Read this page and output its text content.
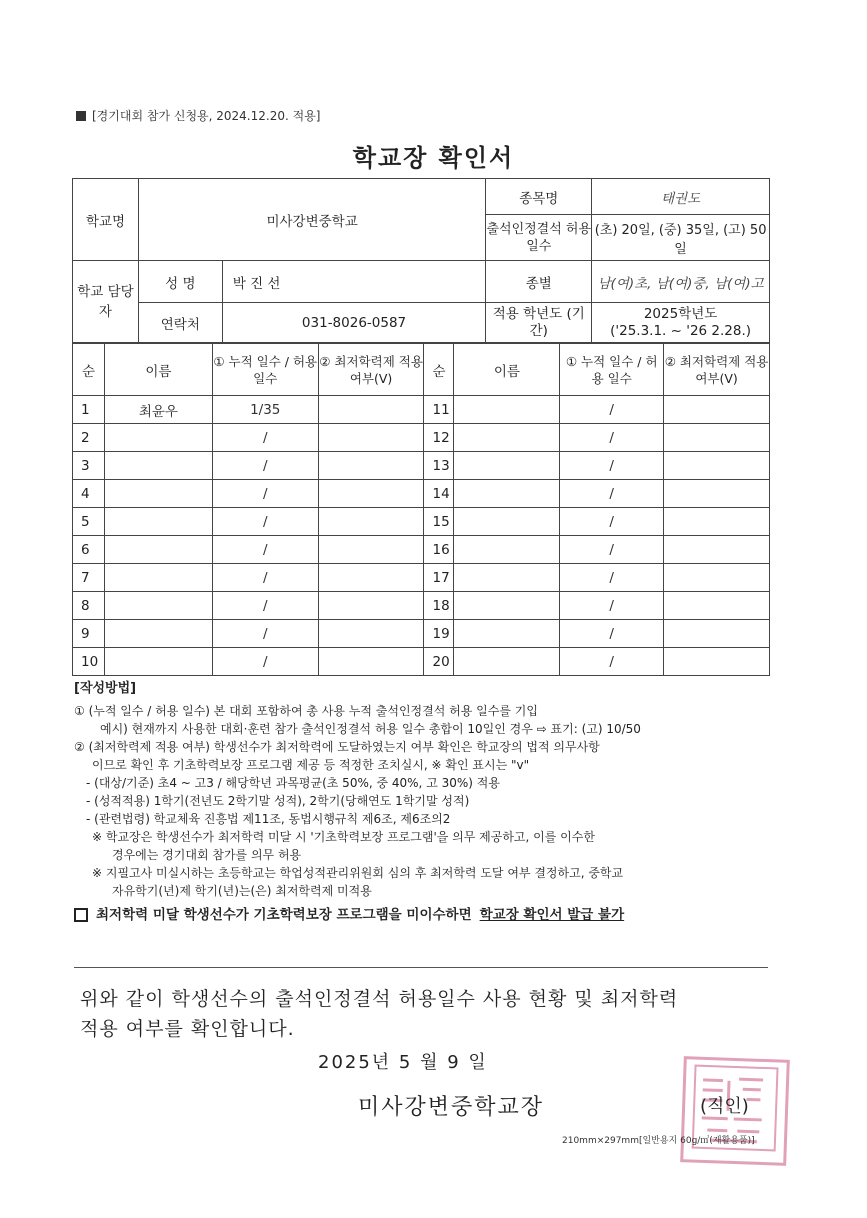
[경기대회 참가 신청용, 2024.12.20. 적용]
학교장 확인서
학교명	미사강변중학교		종목명	태권도
			출석인정결석 허용 일수	(초) 20일, (중) 35일, (고) 50일
학교 담당자	성 명	박 진 선	종별	남(여)초, 남(여)중, 남(여)고
	연락처	031-8026-0587	적용 학년도 (기간)	2025학년도
('25.3.1. ~ '26 2.28.)
순	이름	① 누적 일수 / 허용 일수	② 최저학력제 적용 여부(V)	순	이름	① 누적 일수 / 허용 일수	② 최저학력제 적용 여부(V)
1	최윤우	1/35		11		/	
2		/		12		/	
3		/		13		/	
4		/		14		/	
5		/		15		/	
6		/		16		/	
7		/		17		/	
8		/		18		/	
9		/		19		/	
10		/		20		/	
[작성방법]

① (누적 일수 / 허용 일수) 본 대회 포함하여 총 사용 누적 출석인정결석 허용 일수를 기입

예시) 현재까지 사용한 대회·훈련 참가 출석인정결석 허용 일수 총합이 10일인 경우 ⇨ 표기: (고) 10/50

② (최저학력제 적용 여부) 학생선수가 최저학력에 도달하였는지 여부 확인은 학교장의 법적 의무사항

이므로 확인 후 기초학력보장 프로그램 제공 등 적정한 조치실시, ※ 확인 표시는 "v"

- (대상/기준) 초4 ~ 고3 / 해당학년 과목평균(초 50%, 중 40%, 고 30%) 적용

- (성적적용) 1학기(전년도 2학기말 성적), 2학기(당해연도 1학기말 성적)

- (관련법령) 학교체육 진흥법 제11조, 동법시행규칙 제6조, 제6조의2

※ 학교장은 학생선수가 최저학력 미달 시 '기초학력보장 프로그램'을 의무 제공하고, 이를 이수한

경우에는 경기대회 참가를 의무 허용

※ 지필고사 미실시하는 초등학교는 학업성적관리위원회 심의 후 최저학력 도달 여부 결정하고, 중학교

자유학기(년)제 학기(년)는(은) 최저학력제 미적용

최저학력 미달 학생선수가 기초학력보장 프로그램을 미이수하면 학교장 확인서 발급 불가
위와 같이 학생선수의 출석인정결석 허용일수 사용 현황 및 최저학력
적용 여부를 확인합니다.
2025년 5 월 9 일
미사강변중학교장	(직인)
210mm×297mm[일반용지 60g/㎡(재활용품)]
